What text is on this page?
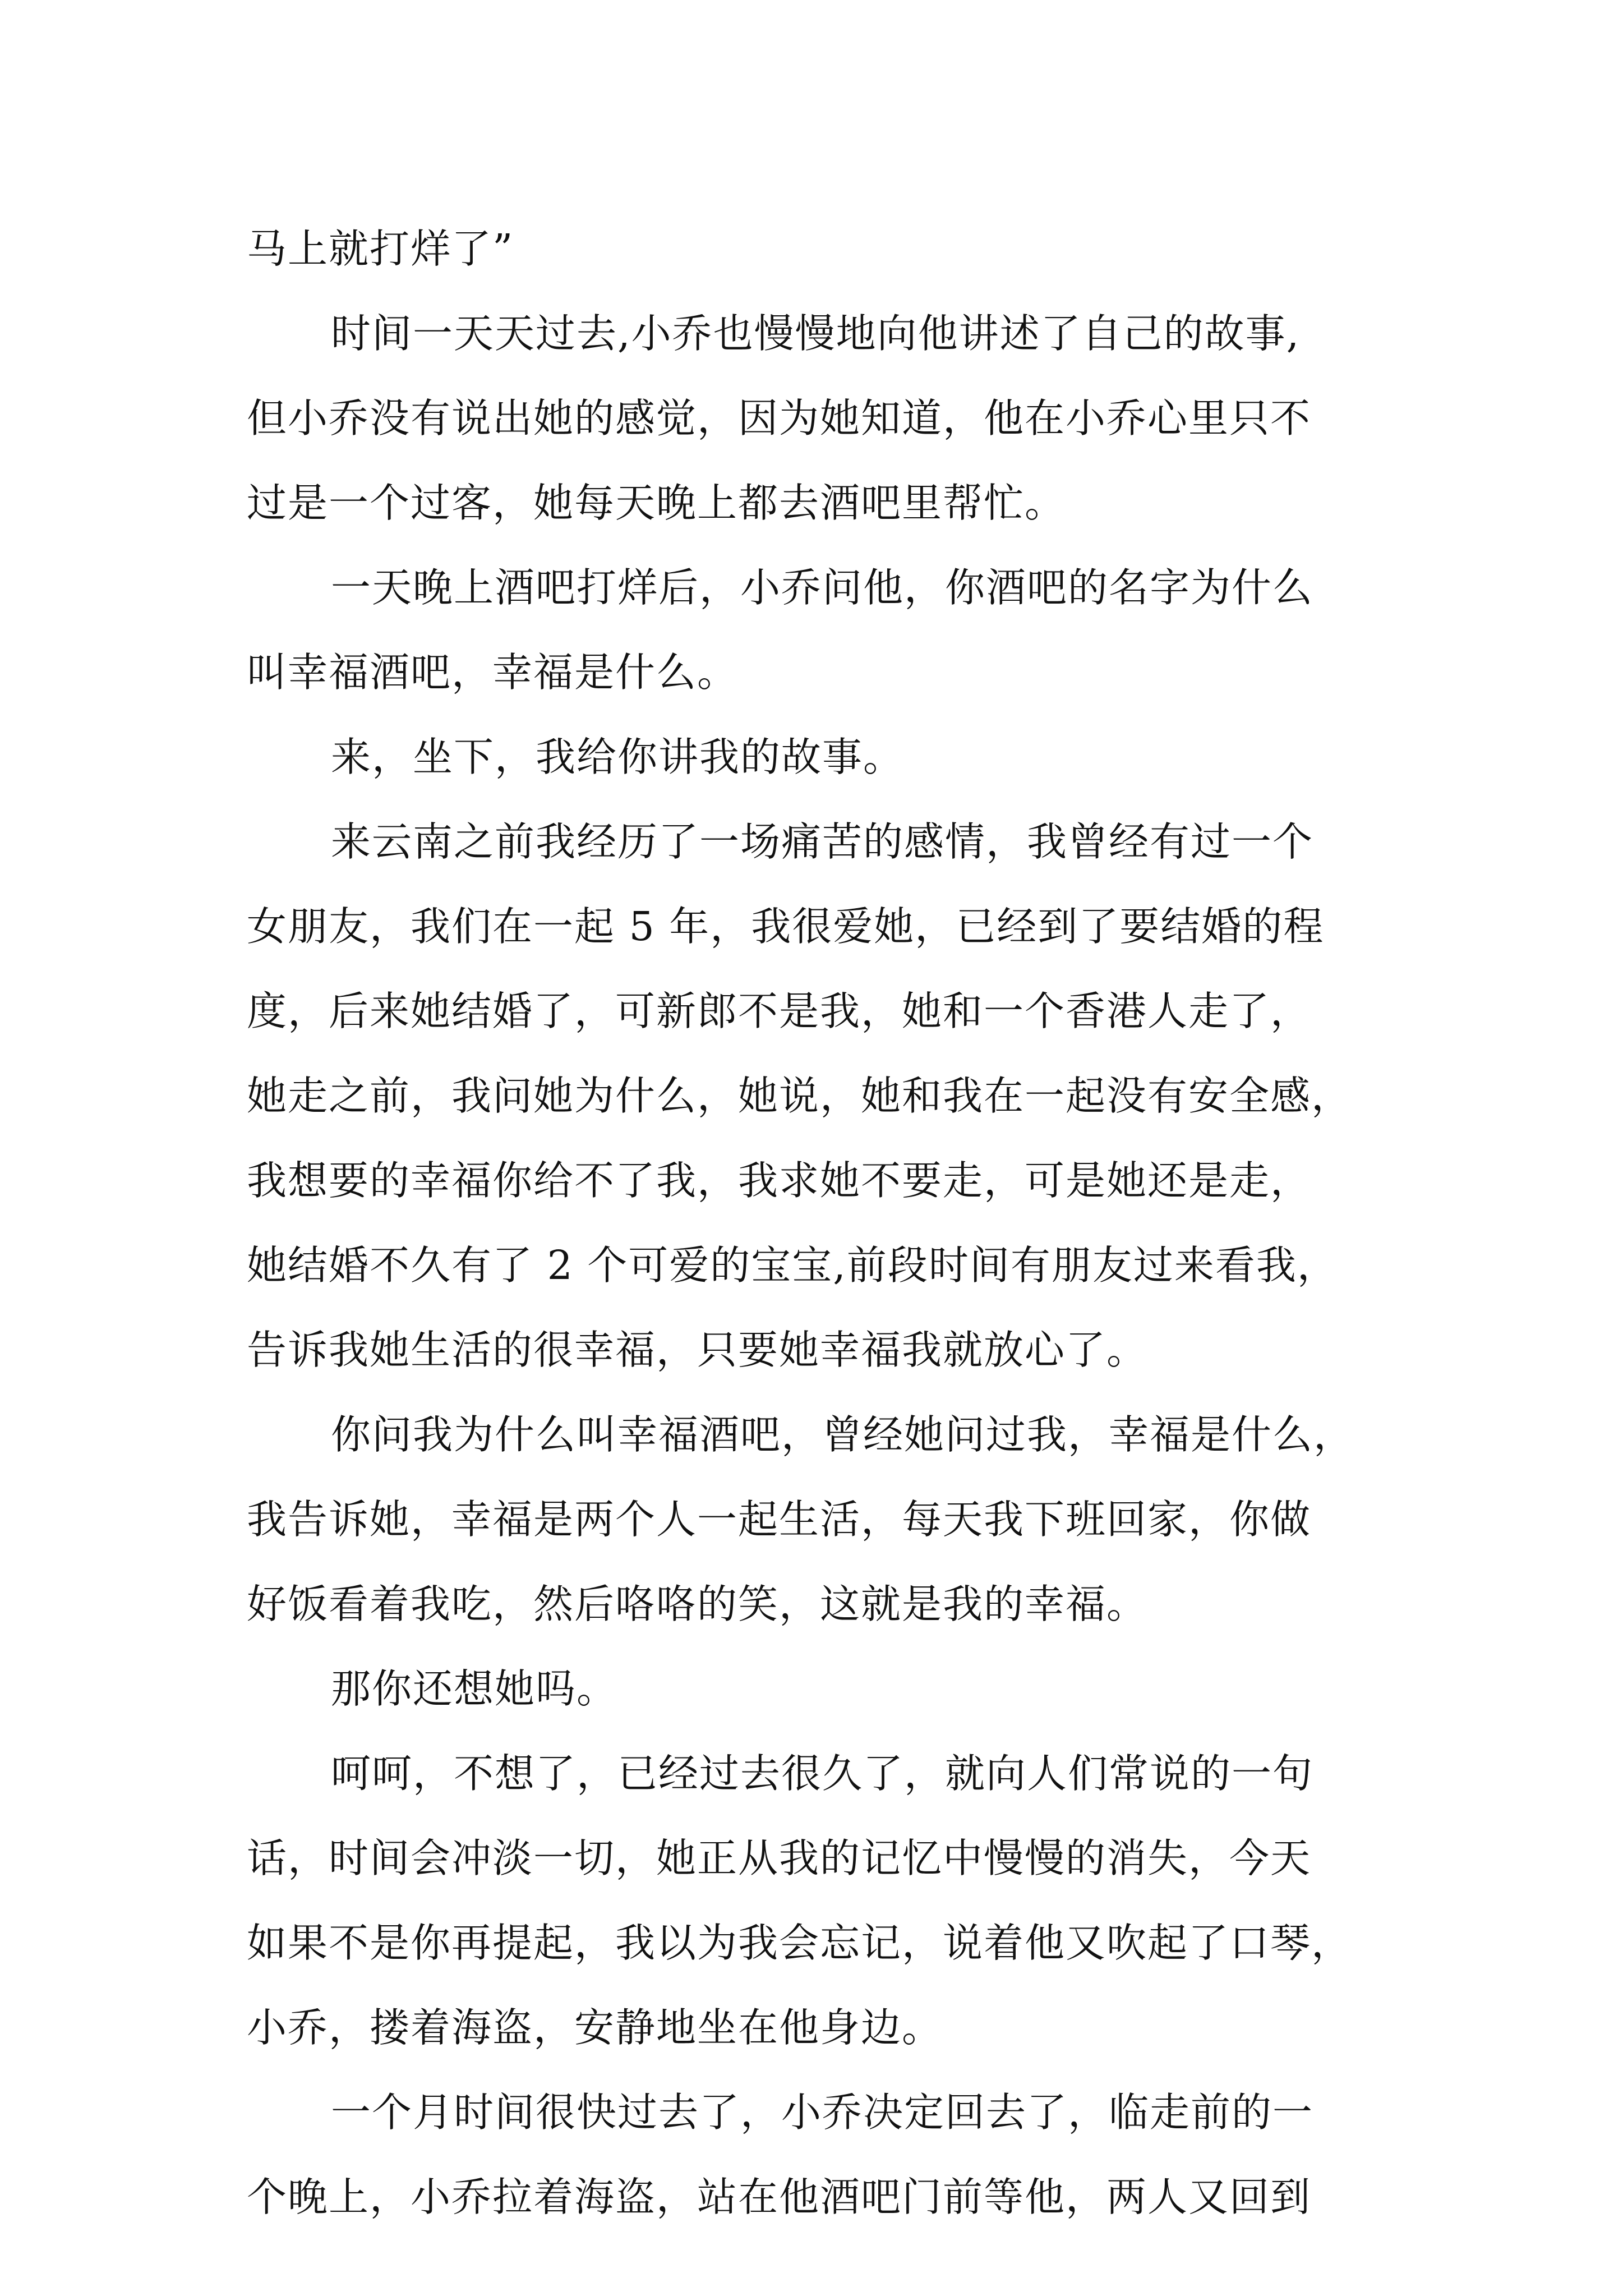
马上就打烊了”
时间一天天过去,小乔也慢慢地向他讲述了自己的故事,
但小乔没有说出她的感觉，因为她知道，他在小乔心里只不
过是一个过客，她每天晚上都去酒吧里帮忙。
一天晚上酒吧打烊后，小乔问他，你酒吧的名字为什么
叫幸福酒吧，幸福是什么。
来，坐下，我给你讲我的故事。
来云南之前我经历了一场痛苦的感情，我曾经有过一个
女朋友，我们在一起 5 年，我很爱她，已经到了要结婚的程
度，后来她结婚了，可新郎不是我，她和一个香港人走了，
她走之前，我问她为什么，她说，她和我在一起没有安全感，
我想要的幸福你给不了我，我求她不要走，可是她还是走，
她结婚不久有了 2 个可爱的宝宝,前段时间有朋友过来看我，
告诉我她生活的很幸福，只要她幸福我就放心了。
你问我为什么叫幸福酒吧，曾经她问过我，幸福是什么，
我告诉她，幸福是两个人一起生活，每天我下班回家，你做
好饭看着我吃，然后咯咯的笑，这就是我的幸福。
那你还想她吗。
呵呵，不想了，已经过去很久了，就向人们常说的一句
话，时间会冲淡一切，她正从我的记忆中慢慢的消失，今天
如果不是你再提起，我以为我会忘记，说着他又吹起了口琴，
小乔，搂着海盗，安静地坐在他身边。
一个月时间很快过去了，小乔决定回去了，临走前的一
个晚上，小乔拉着海盗，站在他酒吧门前等他，两人又回到
